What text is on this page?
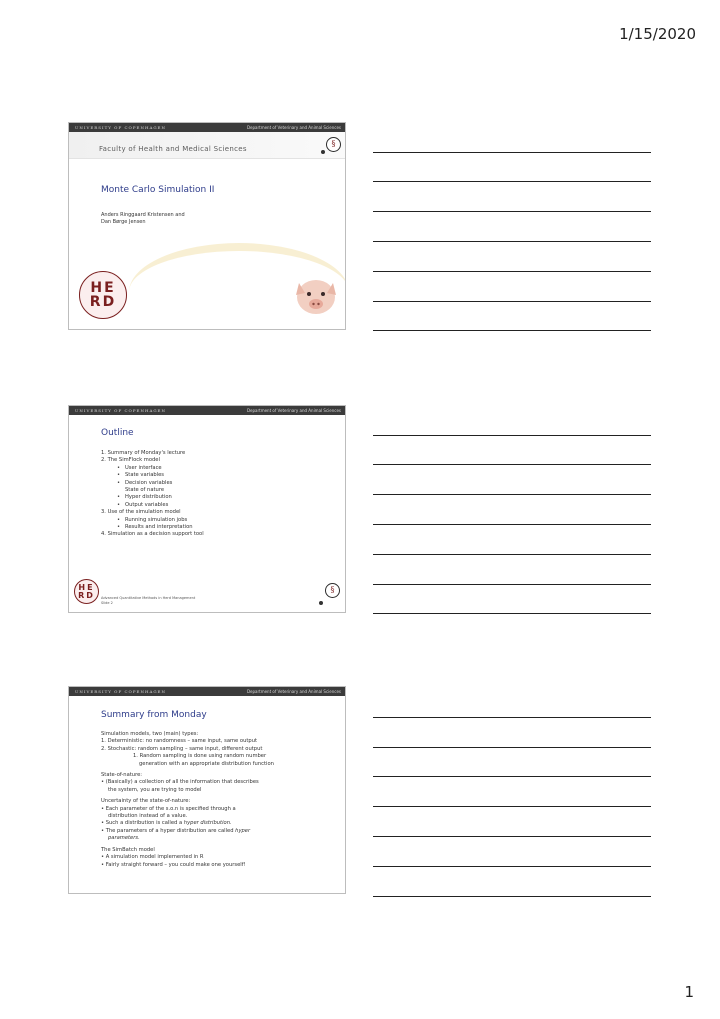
1/15/2020
UNIVERSITY OF COPENHAGEN	Department of Veterinary and Animal Sciences
Faculty of Health and Medical Sciences
§
Monte Carlo Simulation II
Anders Ringgaard Kristensen and
Dan Børge Jensen
HE
RD
UNIVERSITY OF COPENHAGEN	Department of Veterinary and Animal Sciences
Outline
1. Summary of Monday's lecture
2. The SimFlock model
• User interface
• State variables
• Decision variables
State of nature
• Hyper distribution
• Output variables
3. Use of the simulation model
• Running simulation jobs
• Results and interpretation
4. Simulation as a decision support tool
HE
RD Advanced Quantitative Methods in Herd Management
Slide 2
§
UNIVERSITY OF COPENHAGEN	Department of Veterinary and Animal Sciences
Summary from Monday
Simulation models, two (main) types:
1. Deterministic: no randomness – same input, same output
2. Stochastic: random sampling – same input, different output
1. Random sampling is done using random number
generation with an appropriate distribution function
State-of-nature:
• (Basically) a collection of all the information that describes
the system, you are trying to model
Uncertainty of the state-of-nature:
• Each parameter of the s.o.n is specified through a
distribution instead of a value.
• Such a distribution is called a hyper distribution.
• The parameters of a hyper distribution are called hyper
parameters.
The SimBatch model
• A simulation model implemented in R
• Fairly straight forward – you could make one yourself!
1
